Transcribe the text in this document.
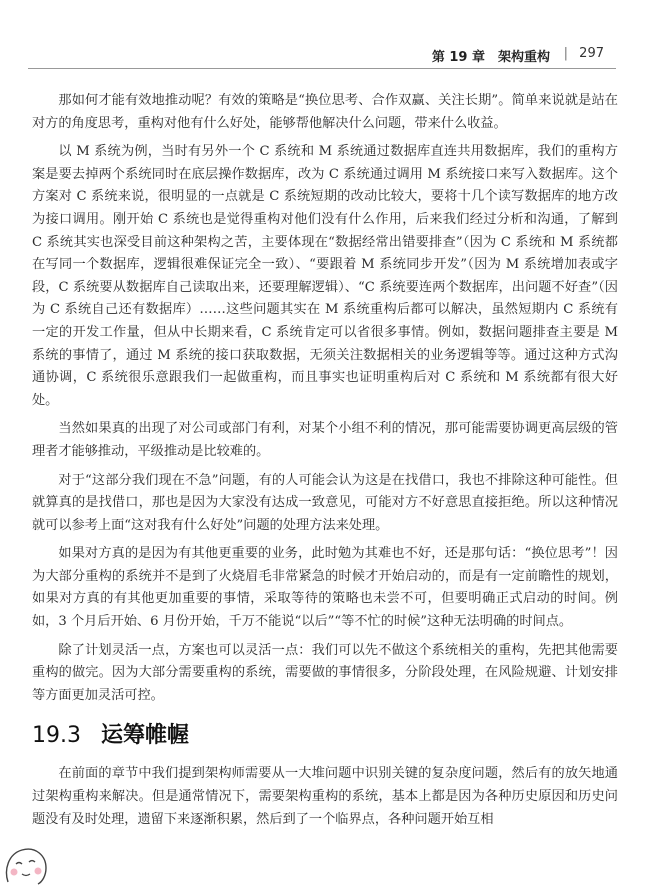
第 19 章　架构重构 | 297

那如何才能有效地推动呢？有效的策略是“换位思考、合作双赢、关注长期”。简单来说就是站在对方的角度思考，重构对他有什么好处，能够帮他解决什么问题，带来什么收益。

以 M 系统为例，当时有另外一个 C 系统和 M 系统通过数据库直连共用数据库，我们的重构方案是要去掉两个系统同时在底层操作数据库，改为 C 系统通过调用 M 系统接口来写入数据库。这个方案对 C 系统来说，很明显的一点就是 C 系统短期的改动比较大，要将十几个读写数据库的地方改为接口调用。刚开始 C 系统也是觉得重构对他们没有什么作用，后来我们经过分析和沟通，了解到 C 系统其实也深受目前这种架构之苦，主要体现在“数据经常出错要排查”（因为 C 系统和 M 系统都在写同一个数据库，逻辑很难保证完全一致）、“要跟着 M 系统同步开发”（因为 M 系统增加表或字段，C 系统要从数据库自己读取出来，还要理解逻辑）、“C 系统要连两个数据库，出问题不好查”（因为 C 系统自己还有数据库）……这些问题其实在 M 系统重构后都可以解决，虽然短期内 C 系统有一定的开发工作量，但从中长期来看，C 系统肯定可以省很多事情。例如，数据问题排查主要是 M 系统的事情了，通过 M 系统的接口获取数据，无须关注数据相关的业务逻辑等等。通过这种方式沟通协调，C 系统很乐意跟我们一起做重构，而且事实也证明重构后对 C 系统和 M 系统都有很大好处。

当然如果真的出现了对公司或部门有利，对某个小组不利的情况，那可能需要协调更高层级的管理者才能够推动，平级推动是比较难的。

对于“这部分我们现在不急”问题，有的人可能会认为这是在找借口，我也不排除这种可能性。但就算真的是找借口，那也是因为大家没有达成一致意见，可能对方不好意思直接拒绝。所以这种情况就可以参考上面“这对我有什么好处”问题的处理方法来处理。

如果对方真的是因为有其他更重要的业务，此时勉为其难也不好，还是那句话：“换位思考”！因为大部分重构的系统并不是到了火烧眉毛非常紧急的时候才开始启动的，而是有一定前瞻性的规划，如果对方真的有其他更加重要的事情，采取等待的策略也未尝不可，但要明确正式启动的时间。例如，3 个月后开始、6 月份开始，千万不能说“以后”“等不忙的时候”这种无法明确的时间点。

除了计划灵活一点，方案也可以灵活一点：我们可以先不做这个系统相关的重构，先把其他需要重构的做完。因为大部分需要重构的系统，需要做的事情很多，分阶段处理，在风险规避、计划安排等方面更加灵活可控。

19.3 运筹帷幄

在前面的章节中我们提到架构师需要从一大堆问题中识别关键的复杂度问题，然后有的放矢地通过架构重构来解决。但是通常情况下，需要架构重构的系统，基本上都是因为各种历史原因和历史问题没有及时处理，遗留下来逐渐积累，然后到了一个临界点，各种问题开始互相
